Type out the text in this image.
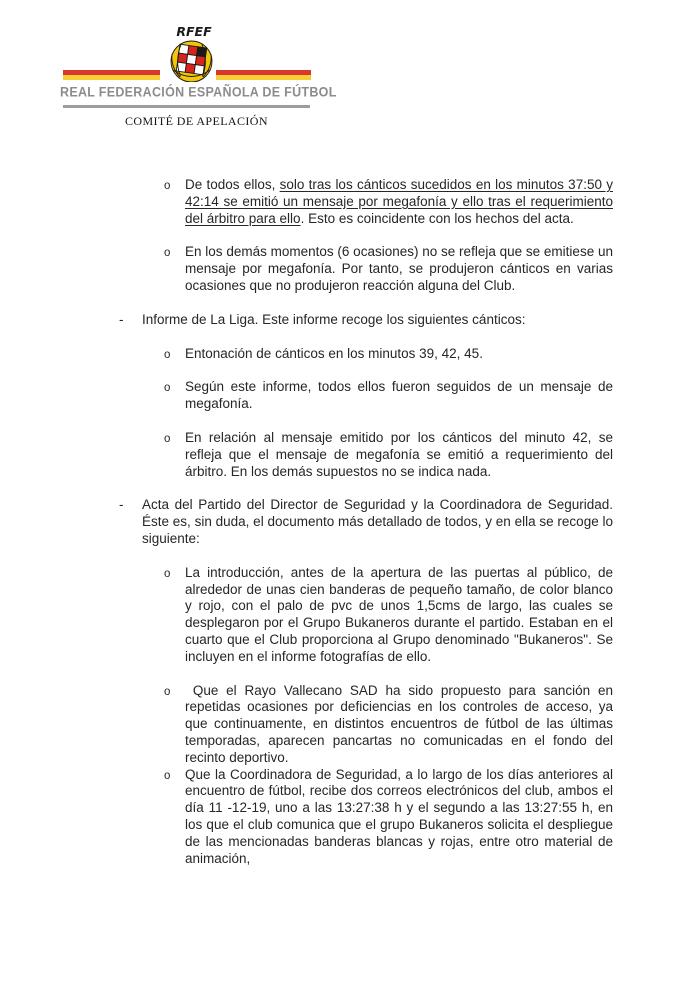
RFEF
REAL FEDERACIÓN ESPAÑOLA DE FÚTBOL
COMITÉ DE APELACIÓN
o De todos ellos, solo tras los cánticos sucedidos en los minutos 37:50 y 42:14 se emitió un mensaje por megafonía y ello tras el requerimiento del árbitro para ello. Esto es coincidente con los hechos del acta.
o En los demás momentos (6 ocasiones) no se refleja que se emitiese un mensaje por megafonía. Por tanto, se produjeron cánticos en varias ocasiones que no produjeron reacción alguna del Club.
- Informe de La Liga. Este informe recoge los siguientes cánticos:
o Entonación de cánticos en los minutos 39, 42, 45.
o Según este informe, todos ellos fueron seguidos de un mensaje de megafonía.
o En relación al mensaje emitido por los cánticos del minuto 42, se refleja que el mensaje de megafonía se emitió a requerimiento del árbitro. En los demás supuestos no se indica nada.
- Acta del Partido del Director de Seguridad y la Coordinadora de Seguridad. Éste es, sin duda, el documento más detallado de todos, y en ella se recoge lo siguiente:
o La introducción, antes de la apertura de las puertas al público, de alrededor de unas cien banderas de pequeño tamaño, de color blanco y rojo, con el palo de pvc de unos 1,5cms de largo, las cuales se desplegaron por el Grupo Bukaneros durante el partido. Estaban en el cuarto que el Club proporciona al Grupo denominado "Bukaneros". Se incluyen en el informe fotografías de ello.
o Que el Rayo Vallecano SAD ha sido propuesto para sanción en repetidas ocasiones por deficiencias en los controles de acceso, ya que continuamente, en distintos encuentros de fútbol de las últimas temporadas, aparecen pancartas no comunicadas en el fondo del recinto deportivo.
o Que la Coordinadora de Seguridad, a lo largo de los días anteriores al encuentro de fútbol, recibe dos correos electrónicos del club, ambos el día 11 -12-19, uno a las 13:27:38 h y el segundo a las 13:27:55 h, en los que el club comunica que el grupo Bukaneros solicita el despliegue de las mencionadas banderas blancas y rojas, entre otro material de animación,
